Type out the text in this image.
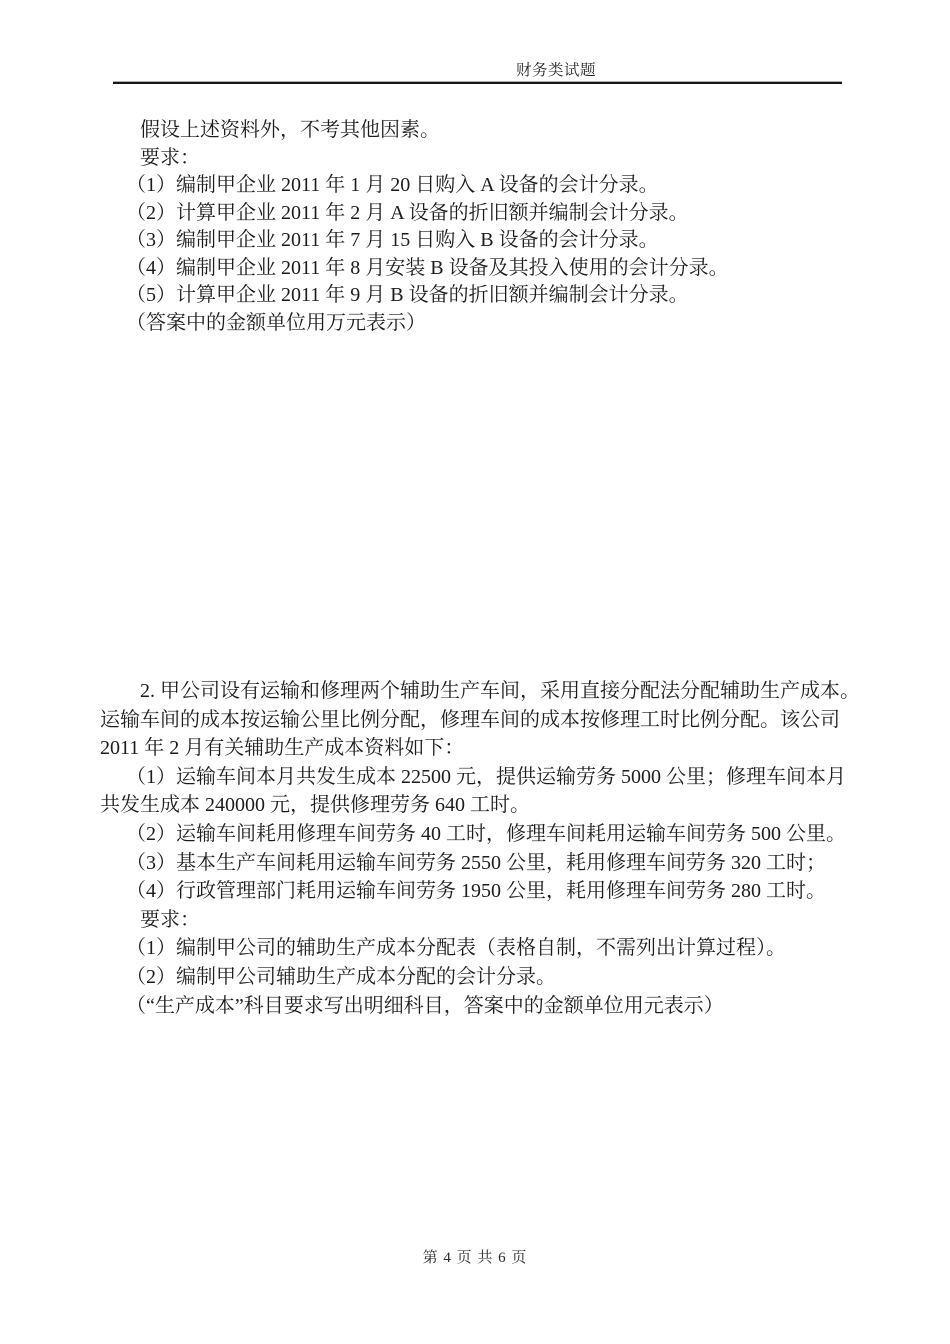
财务类试题
假设上述资料外，不考其他因素。
要求：
（1）编制甲企业 2011 年 1 月 20 日购入 A 设备的会计分录。
（2）计算甲企业 2011 年 2 月 A 设备的折旧额并编制会计分录。
（3）编制甲企业 2011 年 7 月 15 日购入 B 设备的会计分录。
（4）编制甲企业 2011 年 8 月安装 B 设备及其投入使用的会计分录。
（5）计算甲企业 2011 年 9 月 B 设备的折旧额并编制会计分录。
（答案中的金额单位用万元表示）
2. 甲公司设有运输和修理两个辅助生产车间，采用直接分配法分配辅助生产成本。
运输车间的成本按运输公里比例分配，修理车间的成本按修理工时比例分配。该公司
2011 年 2 月有关辅助生产成本资料如下：
（1）运输车间本月共发生成本 22500 元，提供运输劳务 5000 公里；修理车间本月
共发生成本 240000 元，提供修理劳务 640 工时。
（2）运输车间耗用修理车间劳务 40 工时，修理车间耗用运输车间劳务 500 公里。
（3）基本生产车间耗用运输车间劳务 2550 公里，耗用修理车间劳务 320 工时；
（4）行政管理部门耗用运输车间劳务 1950 公里，耗用修理车间劳务 280 工时。
要求：
（1）编制甲公司的辅助生产成本分配表（表格自制，不需列出计算过程）。
（2）编制甲公司辅助生产成本分配的会计分录。
（“生产成本”科目要求写出明细科目，答案中的金额单位用元表示）
第 4 页 共 6 页
